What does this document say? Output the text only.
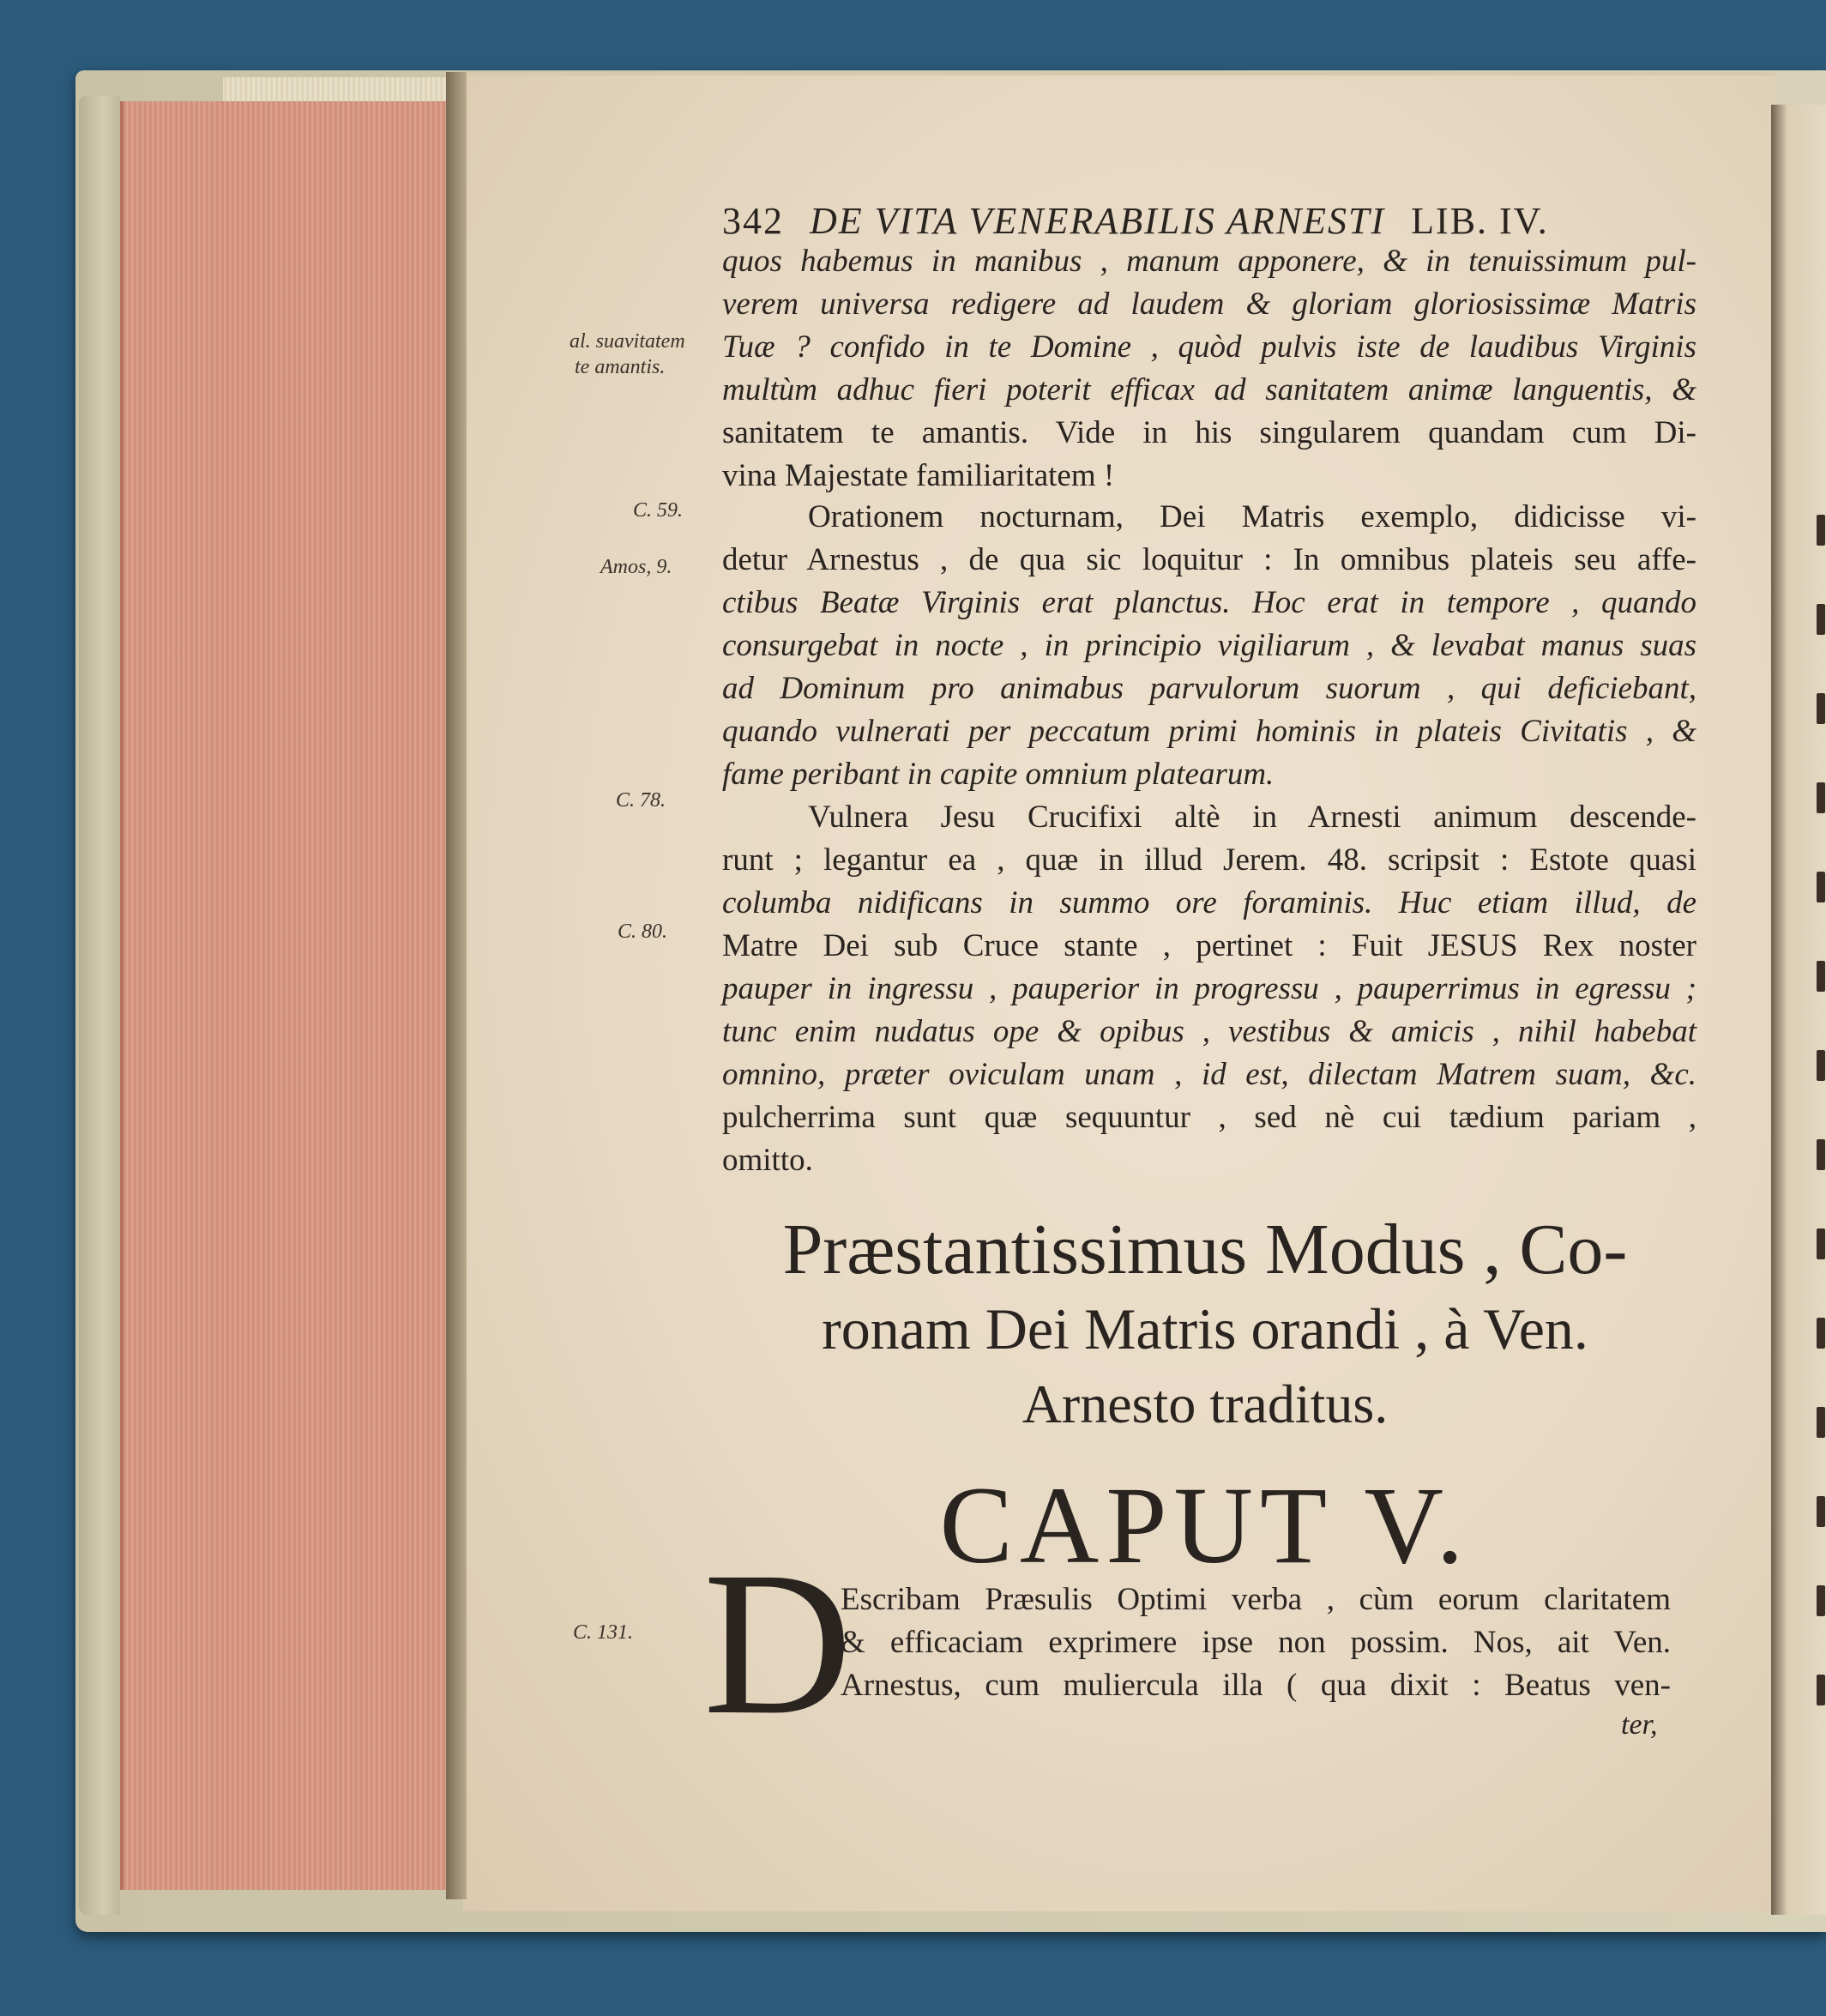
342 DE VITA VENERABILIS ARNESTI LIB. IV.
al. suavitatem
te amantis.
C. 59.
Amos, 9.
C. 78.
C. 80.
C. 131.
quos habemus in manibus , manum apponere, & in tenuissimum pul-
verem universa redigere ad laudem & gloriam gloriosissimæ Matris
Tuæ ? confido in te Domine , quòd pulvis iste de laudibus Virginis
multùm adhuc fieri poterit efficax ad sanitatem animæ languentis, &
sanitatem te amantis. Vide in his singularem quandam cum Di-
vina Majestate familiaritatem !
Orationem nocturnam, Dei Matris exemplo, didicisse vi-
detur Arnestus , de qua sic loquitur : In omnibus plateis seu affe-
ctibus Beatæ Virginis erat planctus. Hoc erat in tempore , quando
consurgebat in nocte , in principio vigiliarum , & levabat manus suas
ad Dominum pro animabus parvulorum suorum , qui deficiebant,
quando vulnerati per peccatum primi hominis in plateis Civitatis , &
fame peribant in capite omnium platearum.
Vulnera Jesu Crucifixi altè in Arnesti animum descende-
runt ; legantur ea , quæ in illud Jerem. 48. scripsit : Estote quasi
columba nidificans in summo ore foraminis. Huc etiam illud, de
Matre Dei sub Cruce stante , pertinet : Fuit JESUS Rex noster
pauper in ingressu , pauperior in progressu , pauperrimus in egressu ;
tunc enim nudatus ope & opibus , vestibus & amicis , nihil habebat
omnino, præter oviculam unam , id est, dilectam Matrem suam, &c.
pulcherrima sunt quæ sequuntur , sed nè cui tædium pariam ,
omitto.
Præstantissimus Modus , Co-
ronam Dei Matris orandi , à Ven.
Arnesto traditus.
CAPUT V.
D
Escribam Præsulis Optimi verba , cùm eorum claritatem
& efficaciam exprimere ipse non possim. Nos, ait Ven.
Arnestus, cum muliercula illa ( qua dixit : Beatus ven-
ter,
